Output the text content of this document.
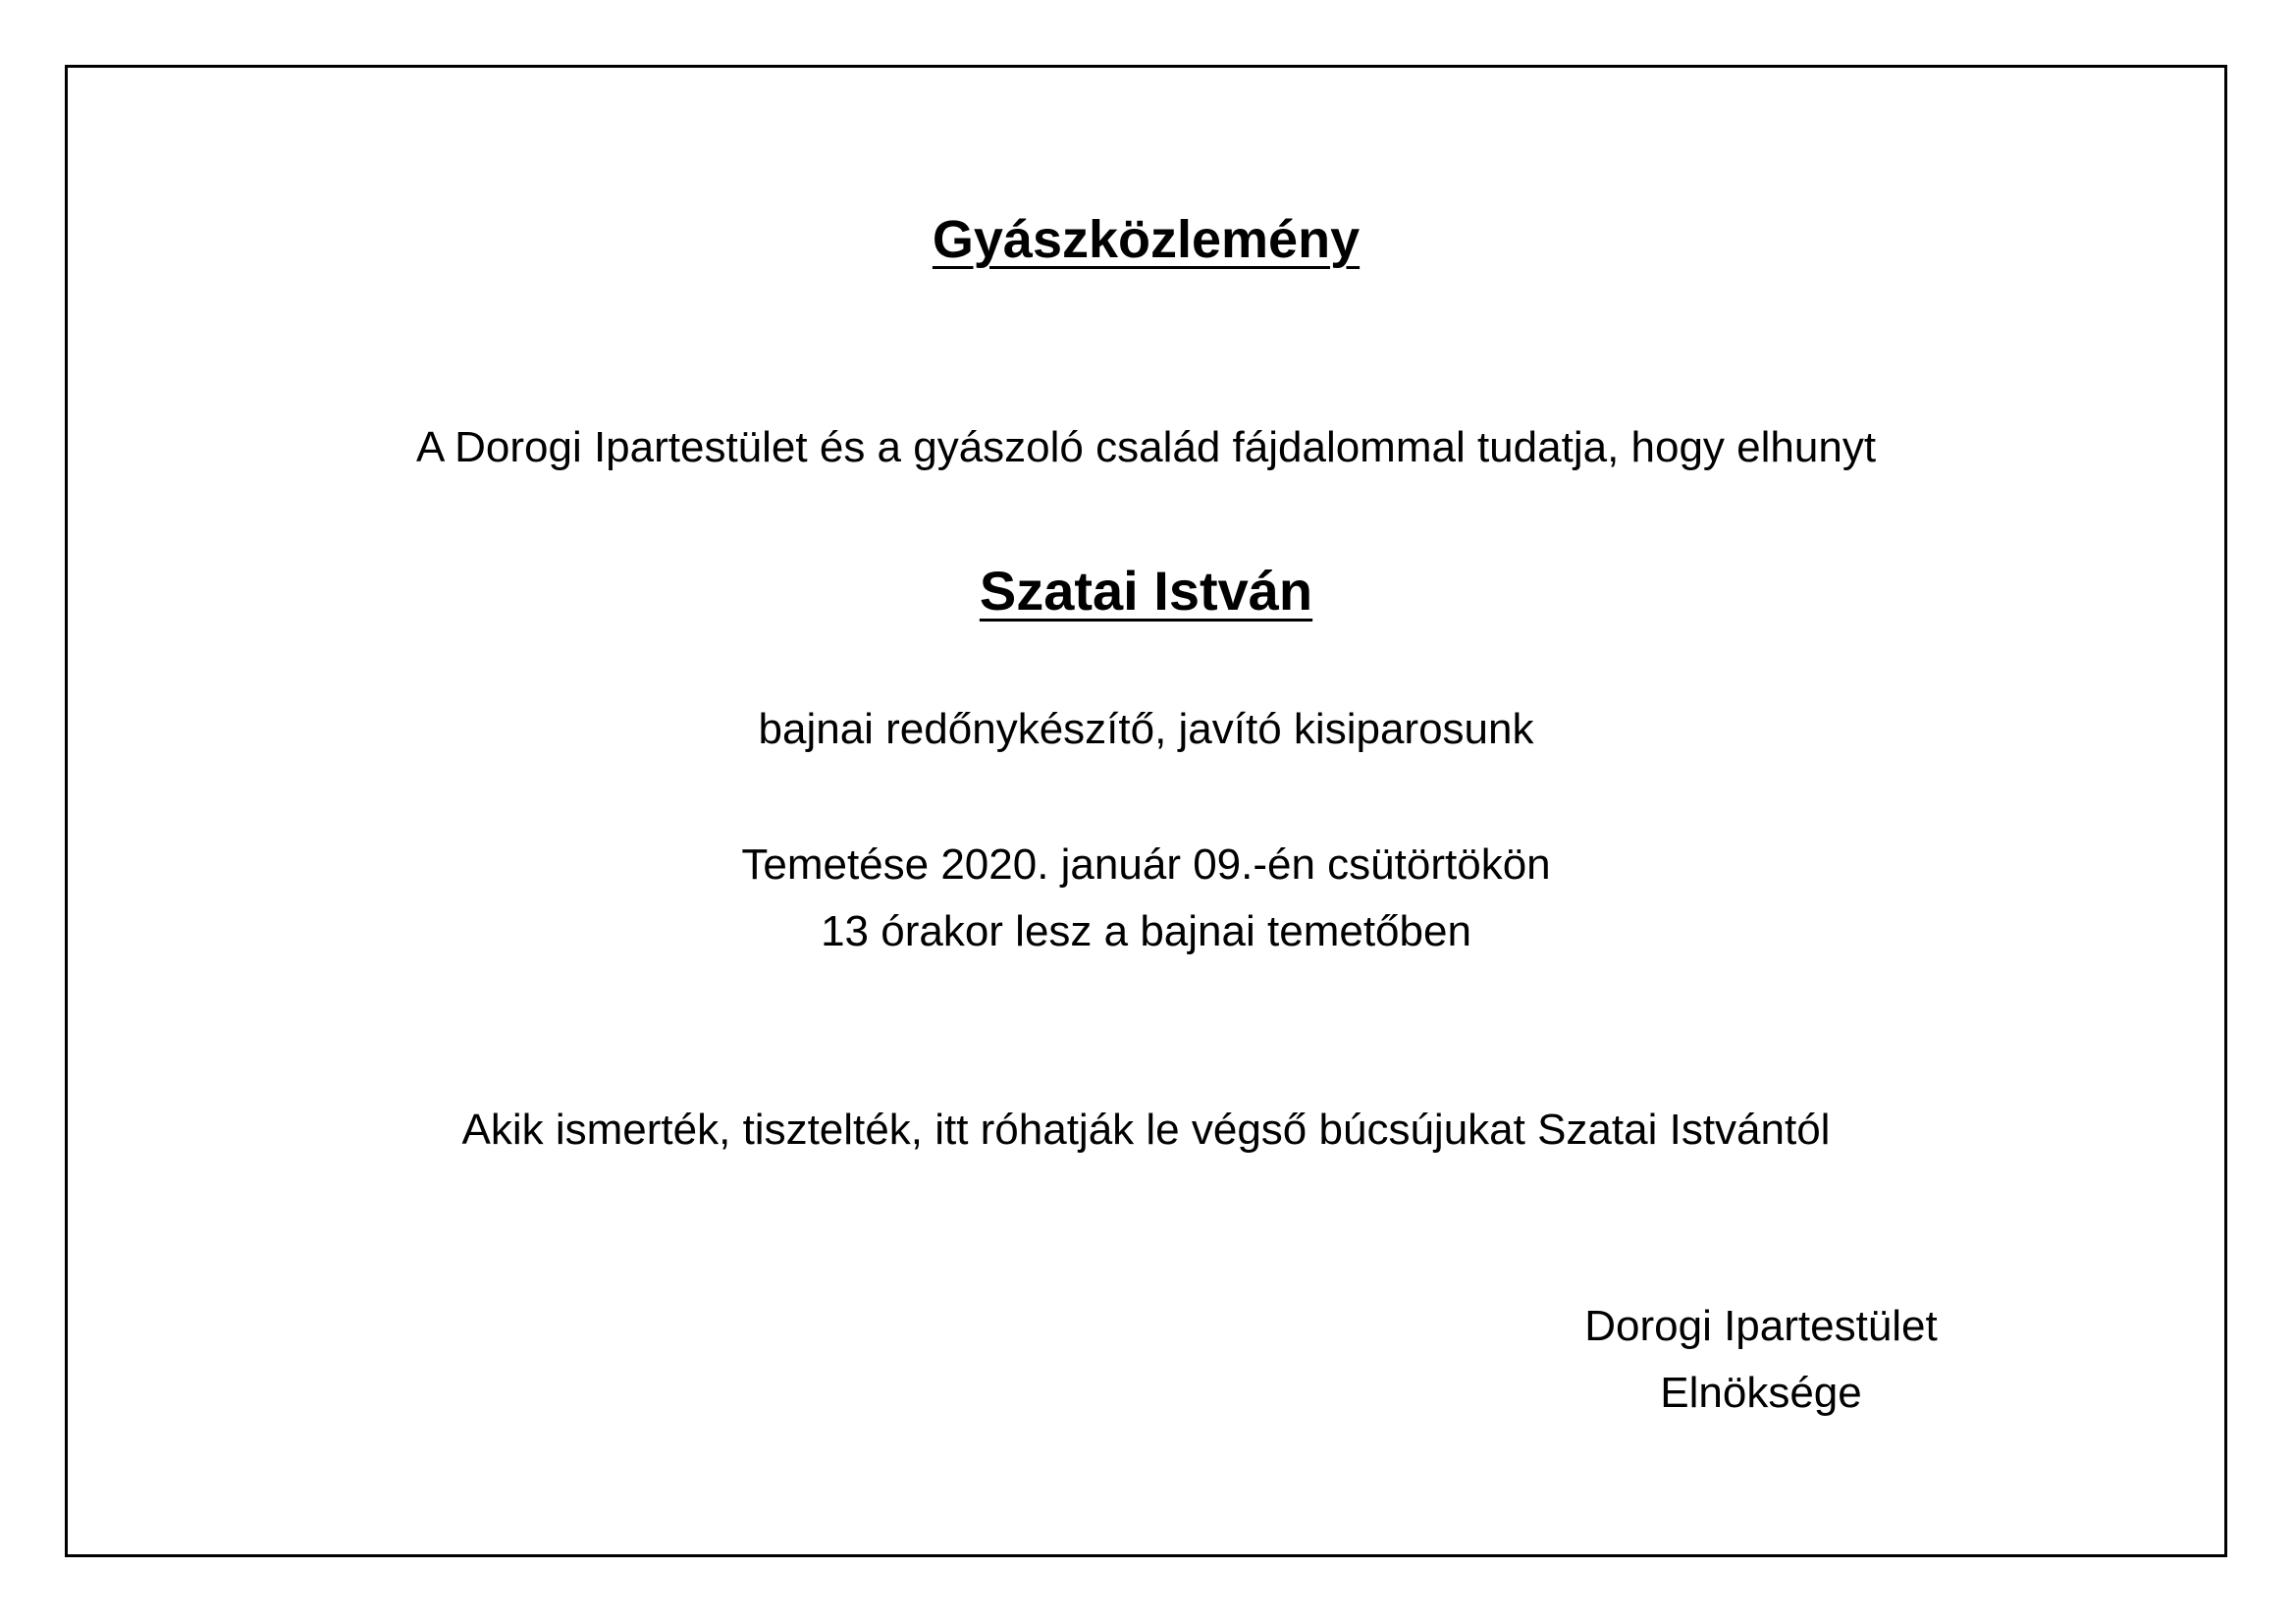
Gyászközlemény
A Dorogi Ipartestület és a gyászoló család fájdalommal tudatja, hogy elhunyt
Szatai István
bajnai redőnykészítő, javító kisiparosunk
Temetése 2020. január 09.-én csütörtökön
13 órakor lesz a bajnai temetőben
Akik ismerték, tisztelték, itt róhatják le végső búcsújukat Szatai Istvántól
Dorogi Ipartestület
Elnöksége
